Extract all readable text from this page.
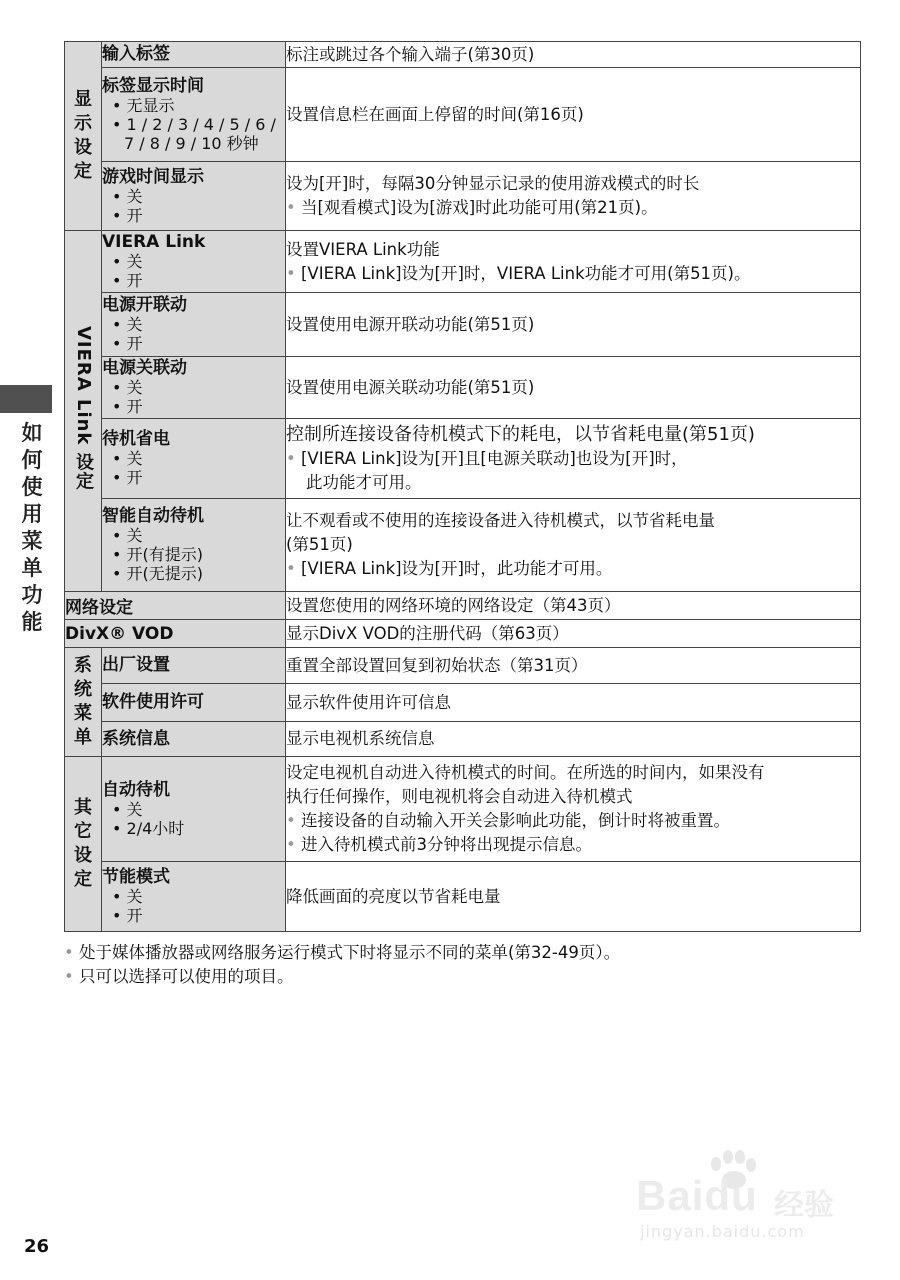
如
何
使
用
菜
单
功
能
显
示
设
定	输入标签	标注或跳过各个输入端子(第30页)

	标签显示时间
• 无显示
• 1 / 2 / 3 / 4 / 5 / 6 /
7 / 8 / 9 / 10 秒钟	设置信息栏在画面上停留的时间(第16页)

	游戏时间显示
• 关
• 开	设为[开]时，每隔30分钟显示记录的使用游戏模式的时长
• 当[观看模式]设为[游戏]时此功能可用(第21页)。

VIERA Link 设定	VIERA Link
• 关
• 开	设置VIERA Link功能
• [VIERA Link]设为[开]时，VIERA Link功能才可用(第51页)。

	电源开联动
• 关
• 开	设置使用电源开联动功能(第51页)

	电源关联动
• 关
• 开	设置使用电源关联动功能(第51页)

	待机省电
• 关
• 开	控制所连接设备待机模式下的耗电，以节省耗电量(第51页)
• [VIERA Link]设为[开]且[电源关联动]也设为[开]时，
此功能才可用。

	智能自动待机
• 关
• 开(有提示)
• 开(无提示)	让不观看或不使用的连接设备进入待机模式，以节省耗电量
(第51页)
• [VIERA Link]设为[开]时，此功能才可用。

网络设定		设置您使用的网络环境的网络设定（第43页）
DivX® VOD		显示DivX VOD的注册代码（第63页）

系
统
菜
单	出厂设置	重置全部设置回复到初始状态（第31页）

	软件使用许可	显示软件使用许可信息

	系统信息	显示电视机系统信息

其
它
设
定	自动待机
• 关
• 2/4小时	设定电视机自动进入待机模式的时间。在所选的时间内，如果没有
执行任何操作，则电视机将会自动进入待机模式
• 连接设备的自动输入开关会影响此功能，倒计时将被重置。
• 进入待机模式前3分钟将出现提示信息。

	节能模式
• 关
• 开	降低画面的亮度以节省耗电量
• 处于媒体播放器或网络服务运行模式下时将显示不同的菜单(第32-49页）。
• 只可以选择可以使用的项目。
Baidu 经验
jingyan.baidu.com
26
